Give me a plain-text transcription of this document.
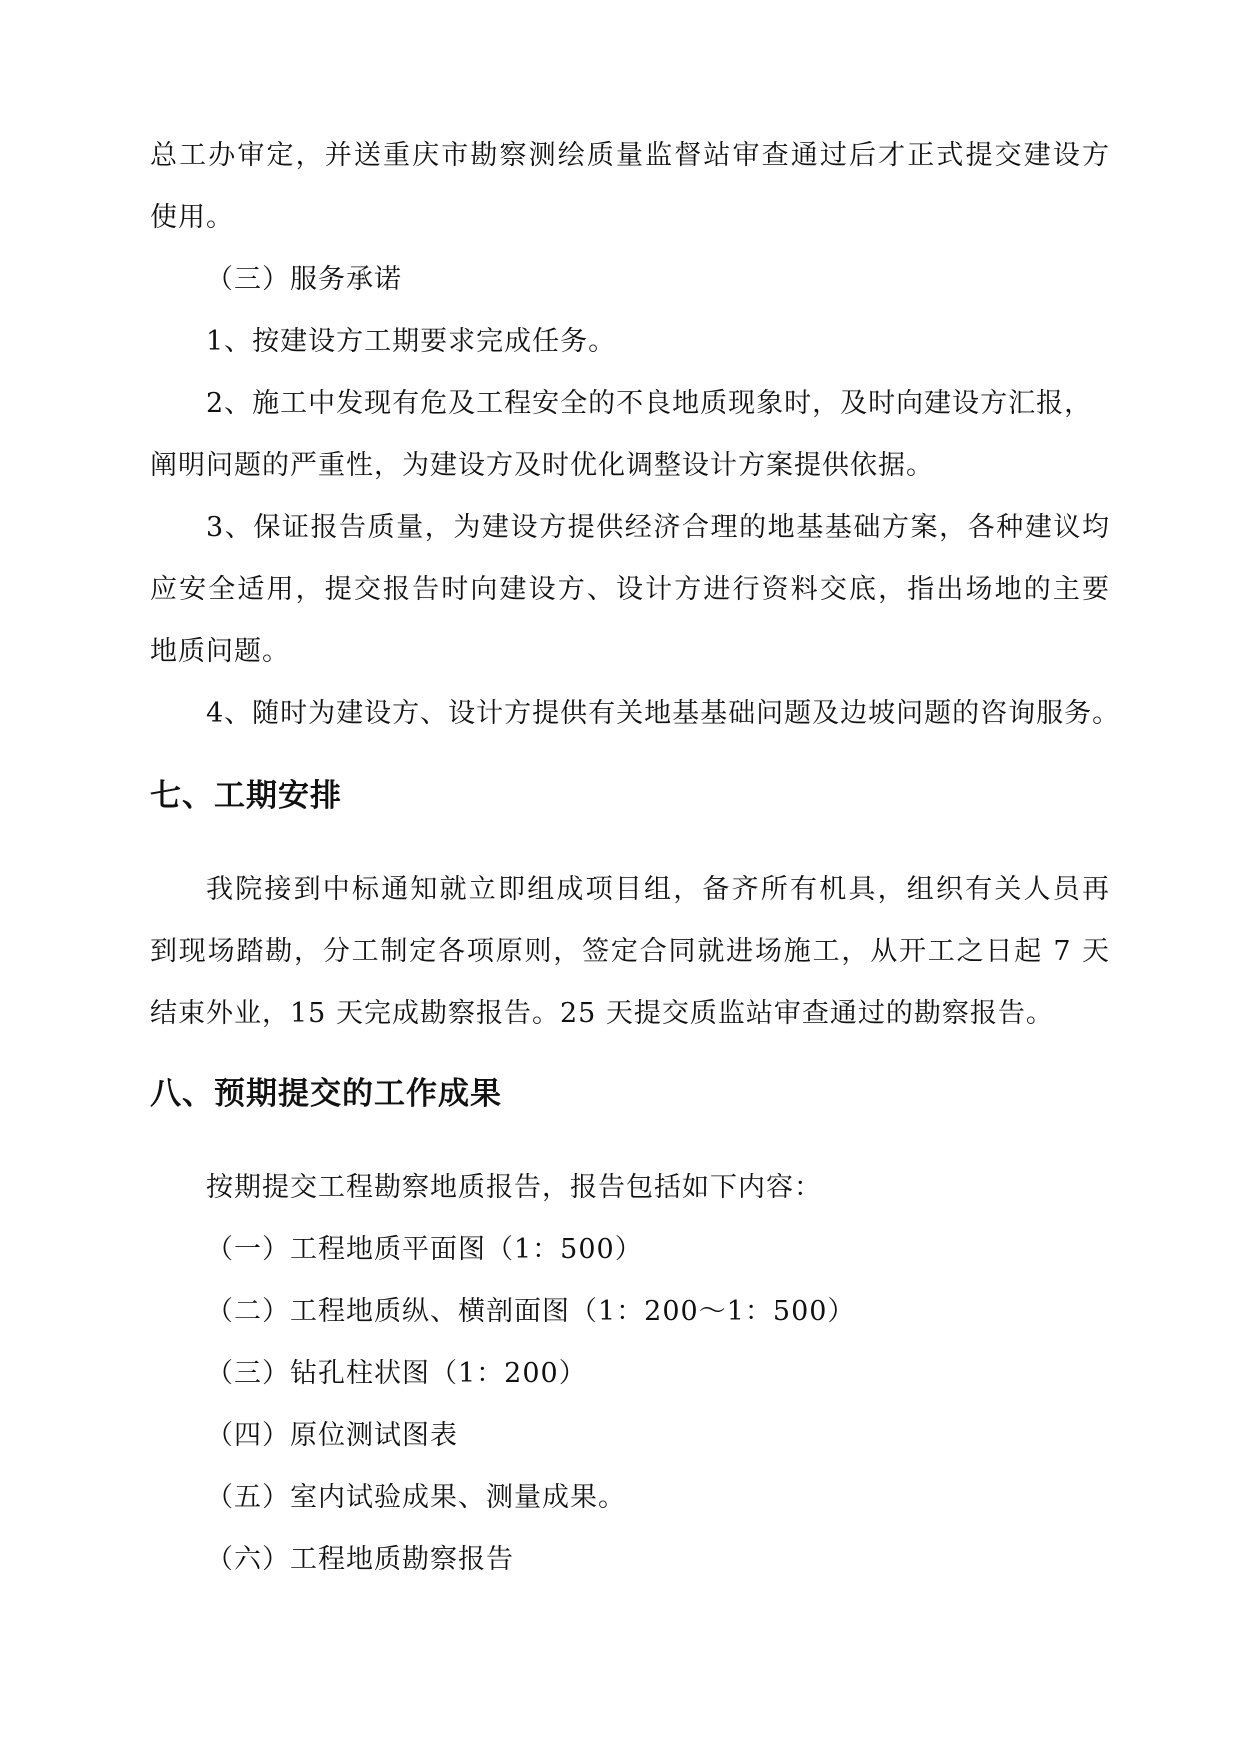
总工办审定，并送重庆市勘察测绘质量监督站审查通过后才正式提交建设方
使用。
（三）服务承诺
1、按建设方工期要求完成任务。
2、施工中发现有危及工程安全的不良地质现象时，及时向建设方汇报，
阐明问题的严重性，为建设方及时优化调整设计方案提供依据。
3、保证报告质量，为建设方提供经济合理的地基基础方案，各种建议均
应安全适用，提交报告时向建设方、设计方进行资料交底，指出场地的主要
地质问题。
4、随时为建设方、设计方提供有关地基基础问题及边坡问题的咨询服务。
七、工期安排
我院接到中标通知就立即组成项目组，备齐所有机具，组织有关人员再
到现场踏勘，分工制定各项原则，签定合同就进场施工，从开工之日起 7 天
结束外业，15 天完成勘察报告。25 天提交质监站审查通过的勘察报告。
八、预期提交的工作成果
按期提交工程勘察地质报告，报告包括如下内容：
（一）工程地质平面图（1：500）
（二）工程地质纵、横剖面图（1：200～1：500）
（三）钻孔柱状图（1：200）
（四）原位测试图表
（五）室内试验成果、测量成果。
（六）工程地质勘察报告
